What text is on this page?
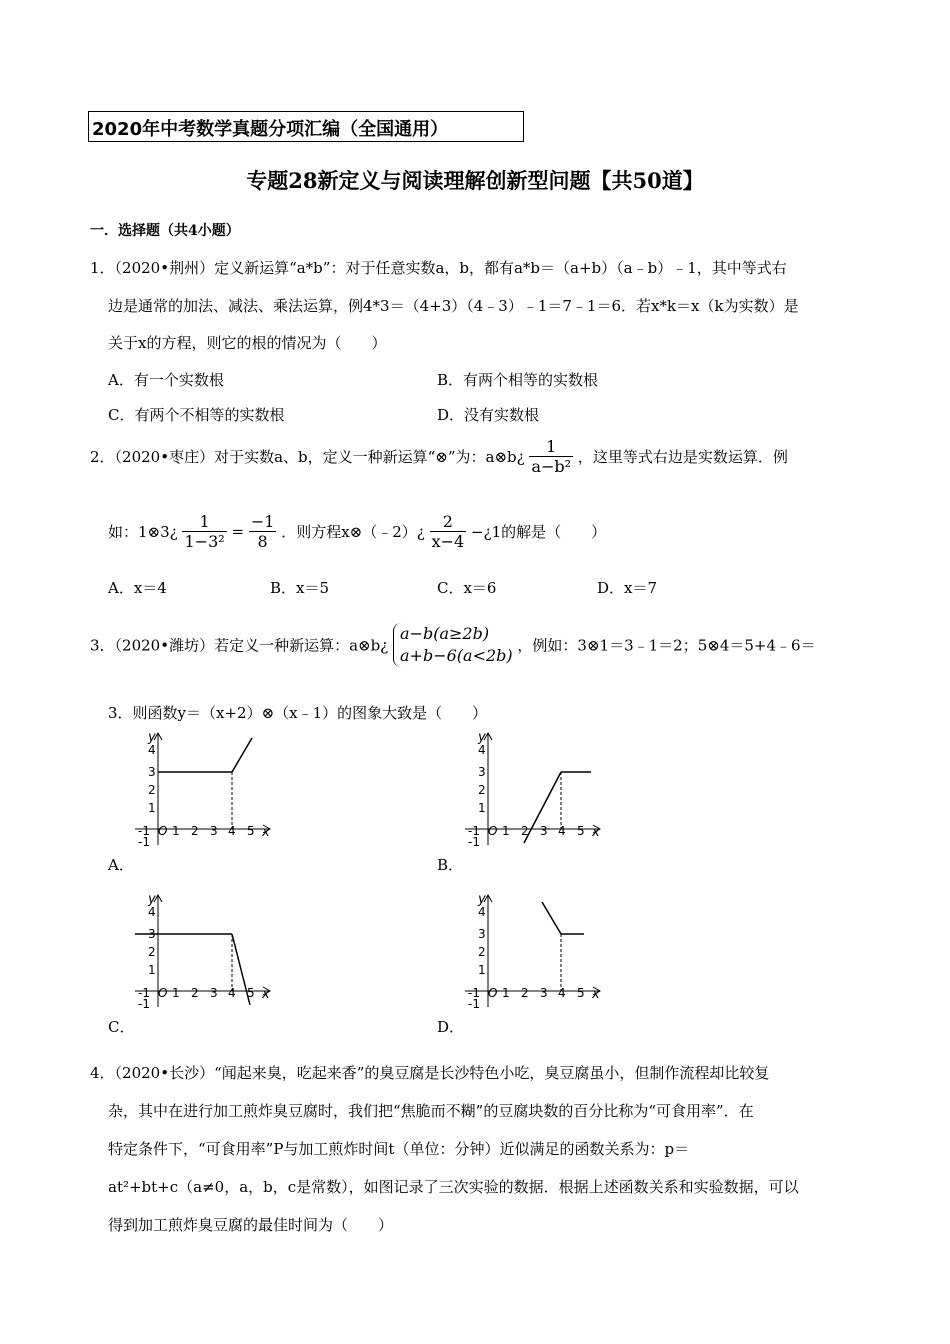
2020年中考数学真题分项汇编（全国通用）
专题28新定义与阅读理解创新型问题【共50道】
一．选择题（共4小题）
1．（2020•荆州）定义新运算“a*b”：对于任意实数a，b，都有a*b＝（a+b）（a﹣b）﹣1，其中等式右
边是通常的加法、减法、乘法运算，例4*3＝（4+3）（4﹣3）﹣1＝7﹣1＝6．若x*k＝x（k为实数）是
关于x的方程，则它的根的情况为（　　）
A．有一个实数根	B．有两个相等的实数根
C．有两个不相等的实数根	D．没有实数根
2．（2020•枣庄）对于实数a、b，定义一种新运算“⊗”为：a⊗b¿ $\frac{1}{\text{a−b²}}$ ，这里等式右边是实数运算．例
如：1⊗3¿ $\frac{1}{\text{1−3²}} = \frac{-1}{8}$ ．则方程x⊗（﹣2）¿ $\frac{2}{x-4}$ −¿1的解是（　　）
A．x＝4	B．x＝5	C．x＝6	D．x＝7
3．（2020•潍坊）若定义一种新运算：a⊗b¿
a−b(a≥2b)
a+b−6(a<2b)
，例如：3⊗1＝3﹣1＝2；5⊗4＝5+4﹣6＝
3．则函数y＝（x+2）⊗（x﹣1）的图象大致是（　　）
y
x
4
3
2
1
-1 O 1 2 3 4 5
-1
A．
y
x
4
3
2
1
-1 O 1 2 3 4 5
-1
B．
y
x
4
3
2
1
-1 O 1 2 3 4 5
-1
C．
y
x
4
3
2
1
-1 O 1 2 3 4 5
-1
D．
4．（2020•长沙）“闻起来臭，吃起来香”的臭豆腐是长沙特色小吃，臭豆腐虽小，但制作流程却比较复
杂，其中在进行加工煎炸臭豆腐时，我们把“焦脆而不糊”的豆腐块数的百分比称为“可食用率”．在
特定条件下，“可食用率”P与加工煎炸时间t（单位：分钟）近似满足的函数关系为：p＝
at²+bt+c（a≠0，a，b，c是常数），如图记录了三次实验的数据．根据上述函数关系和实验数据，可以
得到加工煎炸臭豆腐的最佳时间为（　　）
